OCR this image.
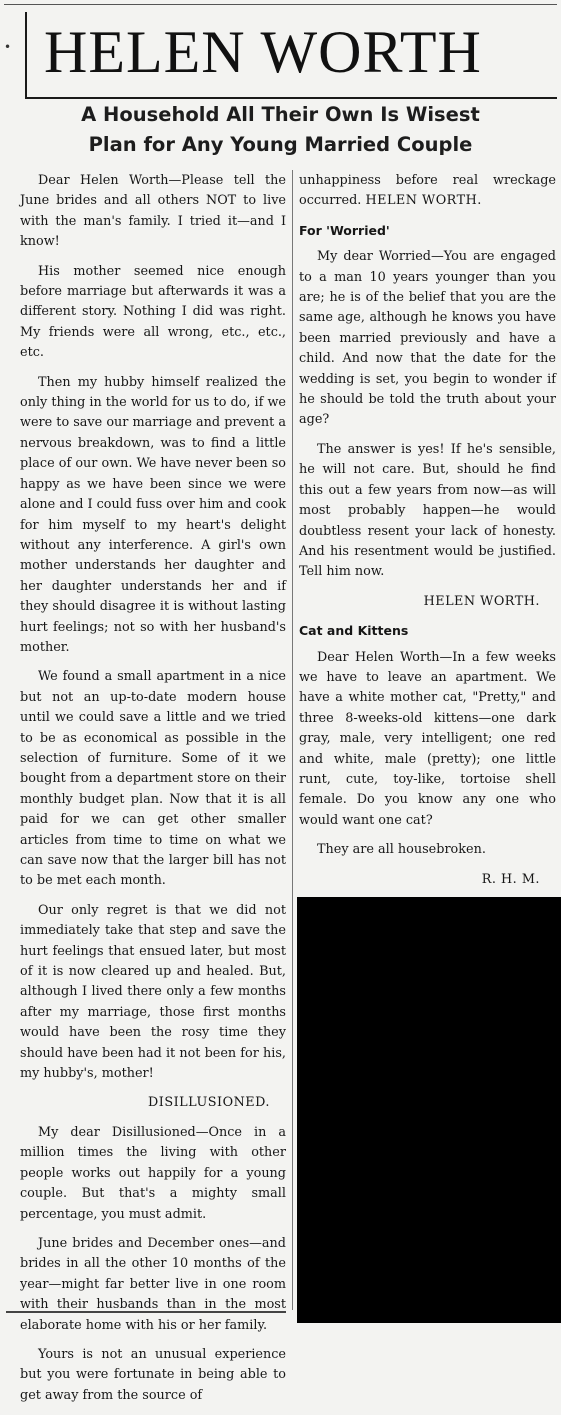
• HELEN WORTH
A Household All Their Own Is Wisest
Plan for Any Young Married Couple

Dear Helen Worth—Please tell the June brides and all others NOT to live with the man's family. I tried it—and I know!

His mother seemed nice enough before marriage but afterwards it was a different story. Nothing I did was right. My friends were all wrong, etc., etc., etc.

Then my hubby himself realized the only thing in the world for us to do, if we were to save our marriage and prevent a nervous breakdown, was to find a little place of our own. We have never been so happy as we have been since we were alone and I could fuss over him and cook for him myself to my heart's delight without any interference. A girl's own mother understands her daughter and her daughter understands her and if they should disagree it is without lasting hurt feelings; not so with her husband's mother.

We found a small apartment in a nice but not an up-to-date modern house until we could save a little and we tried to be as economical as possible in the selection of furniture. Some of it we bought from a department store on their monthly budget plan. Now that it is all paid for we can get other smaller articles from time to time on what we can save now that the larger bill has not to be met each month.

Our only regret is that we did not immediately take that step and save the hurt feelings that ensued later, but most of it is now cleared up and healed. But, although I lived there only a few months after my marriage, those first months would have been the rosy time they should have been had it not been for his, my hubby's, mother!

DISILLUSIONED.

My dear Disillusioned—Once in a million times the living with other people works out happily for a young couple. But that's a mighty small percentage, you must admit.

June brides and December ones—and brides in all the other 10 months of the year—might far better live in one room with their husbands than in the most elaborate home with his or her family.

Yours is not an unusual experience but you were fortunate in being able to get away from the source of

unhappiness before real wreckage occurred. HELEN WORTH.

For 'Worried'

My dear Worried—You are engaged to a man 10 years younger than you are; he is of the belief that you are the same age, although he knows you have been married previously and have a child. And now that the date for the wedding is set, you begin to wonder if he should be told the truth about your age?

The answer is yes! If he's sensible, he will not care. But, should he find this out a few years from now—as will most probably happen—he would doubtless resent your lack of honesty. And his resentment would be justified. Tell him now.

HELEN WORTH.
Cat and Kittens

Dear Helen Worth—In a few weeks we have to leave an apartment. We have a white mother cat, "Pretty," and three 8-weeks-old kittens—one dark gray, male, very intelligent; one red and white, male (pretty); one little runt, cute, toy-like, tortoise shell female. Do you know any one who would want one cat?

They are all housebroken.

R. H. M.
